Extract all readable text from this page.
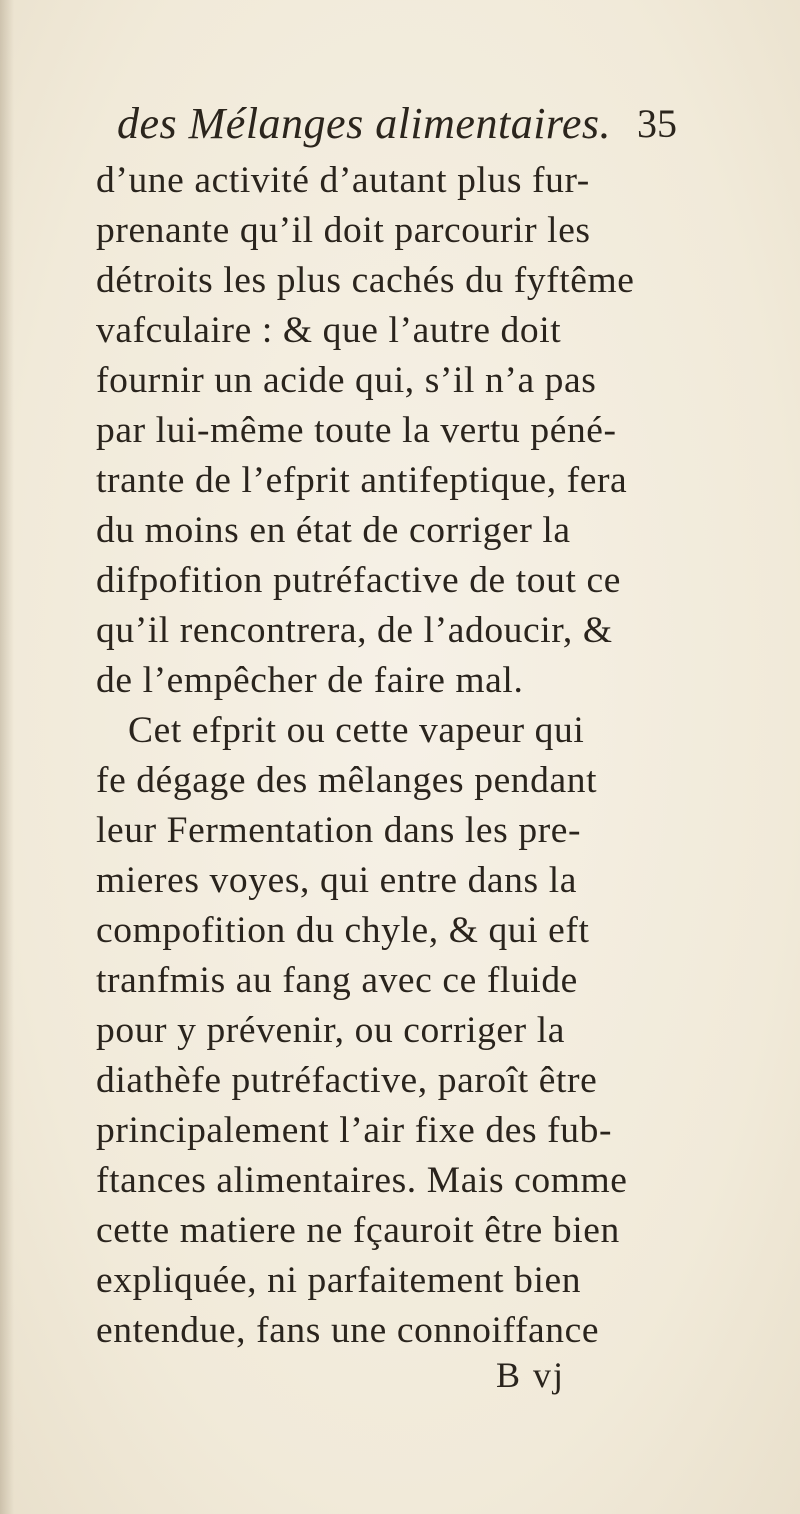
des Mélanges alimentaires. 35
d’une activité d’autant plus fur-
prenante qu’il doit parcourir les
détroits les plus cachés du fyftême
vafculaire : & que l’autre doit
fournir un acide qui, s’il n’a pas
par lui-même toute la vertu péné-
trante de l’efprit antifeptique, fera
du moins en état de corriger la
difpofition putréfactive de tout ce
qu’il rencontrera, de l’adoucir, &
de l’empêcher de faire mal.
Cet efprit ou cette vapeur qui
fe dégage des mêlanges pendant
leur Fermentation dans les pre-
mieres voyes, qui entre dans la
compofition du chyle, & qui eft
tranfmis au fang avec ce fluide
pour y prévenir, ou corriger la
diathèfe putréfactive, paroît être
principalement l’air fixe des fub-
ftances alimentaires. Mais comme
cette matiere ne fçauroit être bien
expliquée, ni parfaitement bien
entendue, fans une connoiffance
B vj
